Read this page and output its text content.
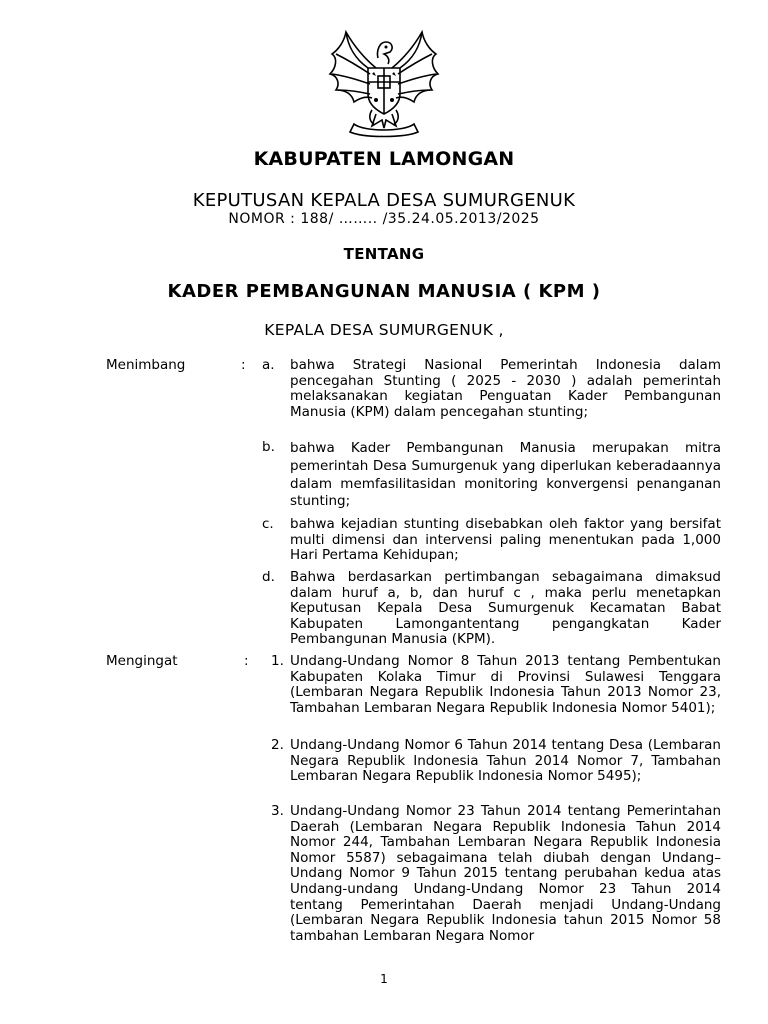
KABUPATEN LAMONGAN
KEPUTUSAN KEPALA DESA SUMURGENUK
NOMOR : 188/ …….. /35.24.05.2013/2025
TENTANG
KADER PEMBANGUNAN MANUSIA ( KPM )
KEPALA DESA SUMURGENUK ,
Menimbang	: a. bahwa Strategi Nasional Pemerintah Indonesia dalam pencegahan Stunting ( 2025 - 2030 ) adalah pemerintah melaksanakan kegiatan Penguatan Kader Pembangunan Manusia (KPM) dalam pencegahan stunting;
b. bahwa Kader Pembangunan Manusia merupakan mitra pemerintah Desa Sumurgenuk yang diperlukan keberadaannya dalam memfasilitasidan monitoring konvergensi penanganan stunting;
c. bahwa kejadian stunting disebabkan oleh faktor yang bersifat multi dimensi dan intervensi paling menentukan pada 1,000 Hari Pertama Kehidupan;
d. Bahwa berdasarkan pertimbangan sebagaimana dimaksud dalam huruf a, b, dan huruf c , maka perlu menetapkan Keputusan Kepala Desa Sumurgenuk Kecamatan Babat Kabupaten Lamongantentang pengangkatan Kader Pembangunan Manusia (KPM).
Mengingat	: 1. Undang-Undang Nomor 8 Tahun 2013 tentang Pembentukan Kabupaten Kolaka Timur di Provinsi Sulawesi Tenggara (Lembaran Negara Republik Indonesia Tahun 2013 Nomor 23, Tambahan Lembaran Negara Republik Indonesia Nomor 5401);
2. Undang-Undang Nomor 6 Tahun 2014 tentang Desa (Lembaran Negara Republik Indonesia Tahun 2014 Nomor 7, Tambahan Lembaran Negara Republik Indonesia Nomor 5495);
3. Undang-Undang Nomor 23 Tahun 2014 tentang Pemerintahan Daerah (Lembaran Negara Republik Indonesia Tahun 2014 Nomor 244, Tambahan Lembaran Negara Republik Indonesia Nomor 5587) sebagaimana telah diubah dengan Undang–Undang Nomor 9 Tahun 2015 tentang perubahan kedua atas Undang-undang Undang-Undang Nomor 23 Tahun 2014 tentang Pemerintahan Daerah menjadi Undang-Undang (Lembaran Negara Republik Indonesia tahun 2015 Nomor 58 tambahan Lembaran Negara Nomor
1
